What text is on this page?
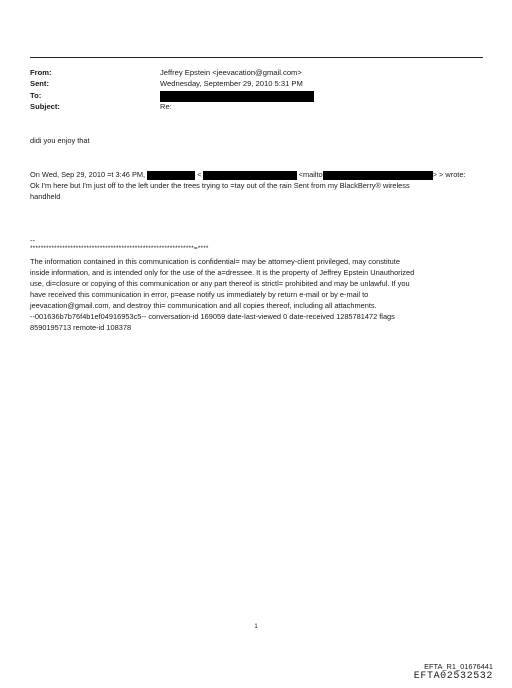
From:	Jeffrey Epstein <jeevacation@gmail.com>
Sent:	Wednesday, September 29, 2010 5:31 PM
To:
Subject:	Re:
didi you enjoy that
On Wed, Sep 29, 2010 =t 3:46 PM,	<	<mailto	> > wrote:
Ok I'm here but I'm just off to the left under the trees trying to =tay out of the rain Sent from my BlackBerry® wireless
handheld
--
*************************************************************=****
The information contained in this communication is confidential= may be attorney-client privileged, may constitute
inside information, and is intended only for the use of the a=dressee. It is the property of Jeffrey Epstein Unauthorized
use, di=closure or copying of this communication or any part thereof is strictl= prohibited and may be unlawful. If you
have received this communication in error, p=ease notify us immediately by return e-mail or by e-mail to
jeevacation@gmail.com, and destroy thi= communication and all copies thereof, including all attachments.
--001636b7b76f4b1ef04916953c5-- conversation-id 169059 date-last-viewed 0 date-received 1285781472 flags
8590195713 remote-id 108378
1
EFTA_R1_01676441
EFTA02532532
